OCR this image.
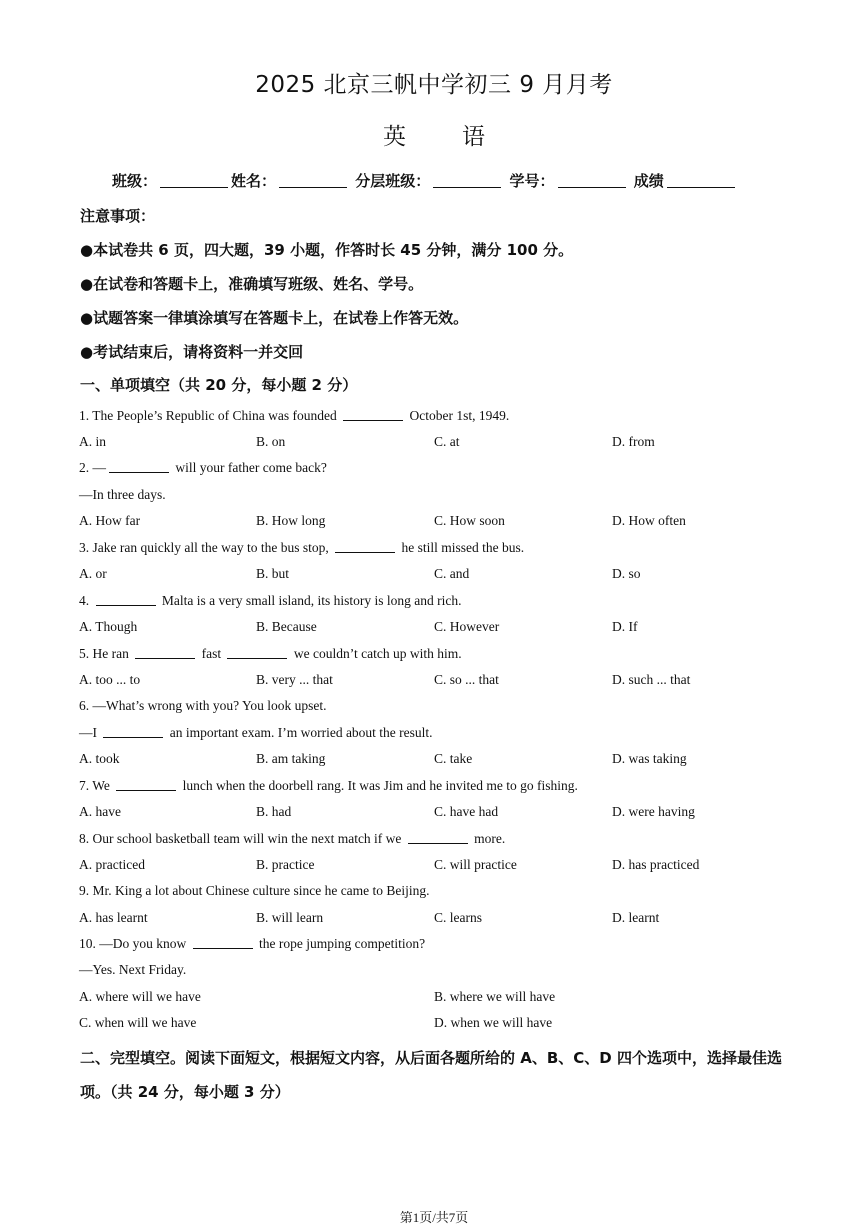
2025 北京三帆中学初三 9 月月考
英语
班级：	姓名：	分层班级：	学号：	成绩
注意事项：
●本试卷共 6 页，四大题，39 小题，作答时长 45 分钟，满分 100 分。
●在试卷和答题卡上，准确填写班级、姓名、学号。
●试题答案一律填涂填写在答题卡上，在试卷上作答无效。
●考试结束后，请将资料一并交回
一、单项填空（共 20 分，每小题 2 分）
1. The People’s Republic of China was founded	October 1st, 1949.
A. in	B. on	C. at	D. from
2. —	will your father come back?
—In three days.
A. How far	B. How long	C. How soon	D. How often
3. Jake ran quickly all the way to the bus stop,	he still missed the bus.
A. or	B. but	C. and	D. so
4.	Malta is a very small island, its history is long and rich.
A. Though	B. Because	C. However	D. If
5. He ran	fast	we couldn’t catch up with him.
A. too ... to	B. very ... that	C. so ... that	D. such ... that
6. —What’s wrong with you? You look upset.
—I	an important exam. I’m worried about the result.
A. took	B. am taking	C. take	D. was taking
7. We	lunch when the doorbell rang. It was Jim and he invited me to go fishing.
A. have	B. had	C. have had	D. were having
8. Our school basketball team will win the next match if we	more.
A. practiced	B. practice	C. will practice	D. has practiced
9. Mr. King a lot about Chinese culture since he came to Beijing.
A. has learnt	B. will learn	C. learns	D. learnt
10. —Do you know	the rope jumping competition?
—Yes. Next Friday.
A. where will we have	B. where we will have
C. when will we have	D. when we will have
二、完型填空。阅读下面短文，根据短文内容，从后面各题所给的 A、B、C、D 四个选项中，选择最佳选项。（共 24 分，每小题 3 分）
第1页/共7页
